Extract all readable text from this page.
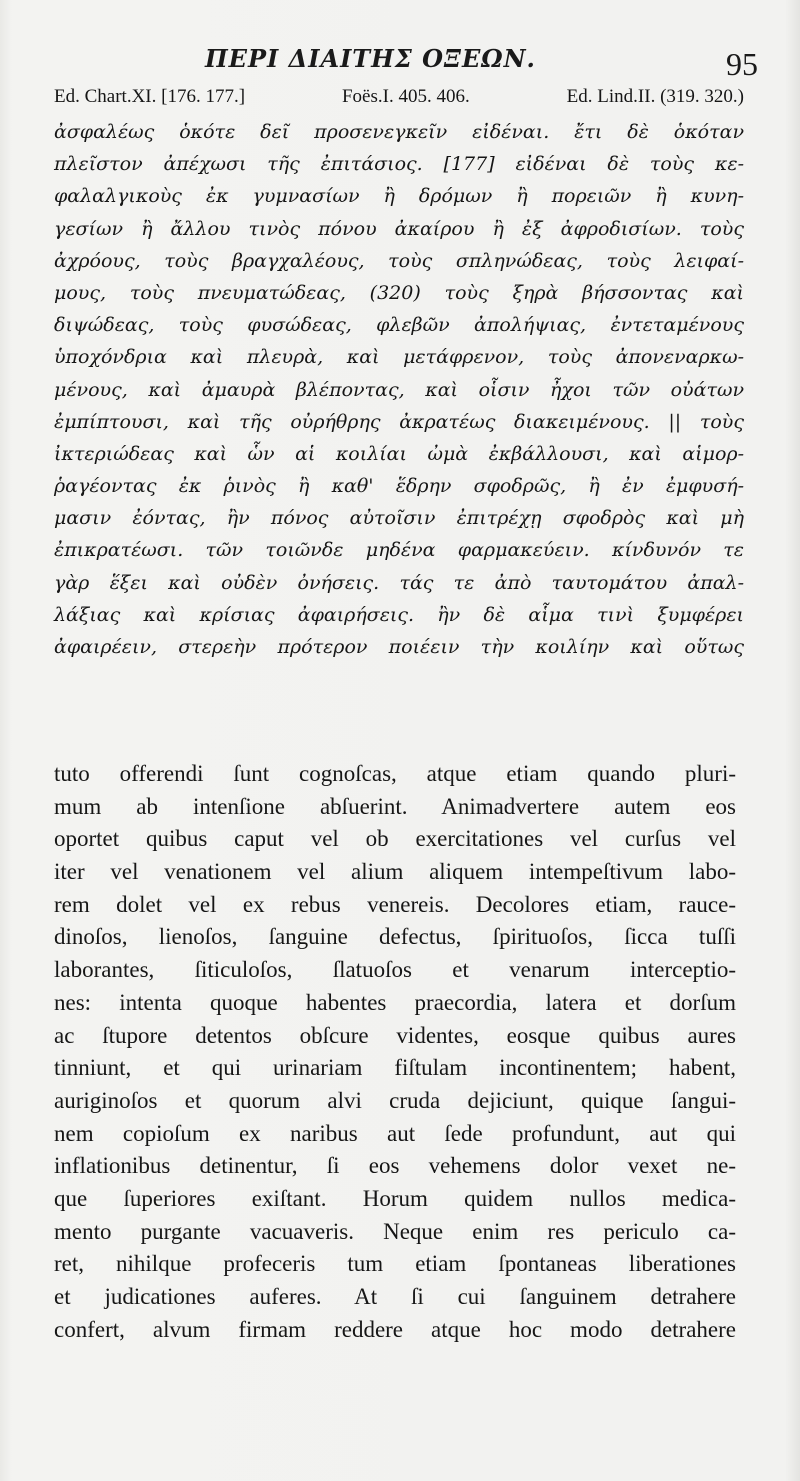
ΠΕΡΙ ΔΙΑΙΤΗΣ ΟΞΕΩΝ.	95
Ed. Chart.XI. [176. 177.]	Foës.I. 405. 406.	Ed. Lind.II. (319. 320.)
ἀσφαλέως ὁκότε δεῖ προσενεγκεῖν εἰδέναι. ἔτι δὲ ὁκόταν
πλεῖστον ἀπέχωσι τῆς ἐπιτάσιος. [177] εἰδέναι δὲ τοὺς κε-
φαλαλγικοὺς ἐκ γυμνασίων ἢ δρόμων ἢ πορειῶν ἢ κυνη-
γεσίων ἢ ἄλλου τινὸς πόνου ἀκαίρου ἢ ἐξ ἀφροδισίων. τοὺς
ἀχρόους, τοὺς βραγχαλέους, τοὺς σπληνώδεας, τοὺς λειφαί-
μους, τοὺς πνευματώδεας, (320) τοὺς ξηρὰ βήσσοντας καὶ
διψώδεας, τοὺς φυσώδεας, φλεβῶν ἀπολήψιας, ἐντεταμένους
ὑποχόνδρια καὶ πλευρὰ, καὶ μετάφρενον, τοὺς ἀπονεναρκω-
μένους, καὶ ἀμαυρὰ βλέποντας, καὶ οἷσιν ἦχοι τῶν οὐάτων
ἐμπίπτουσι, καὶ τῆς οὐρήθρης ἀκρατέως διακειμένους. || τοὺς
ἰκτεριώδεας καὶ ὧν αἱ κοιλίαι ὠμὰ ἐκβάλλουσι, καὶ αἱμορ-
ῥαγέοντας ἐκ ῥινὸς ἢ καθ' ἕδρην σφοδρῶς, ἢ ἐν ἐμφυσή-
μασιν ἐόντας, ἢν πόνος αὐτοῖσιν ἐπιτρέχῃ σφοδρὸς καὶ μὴ
ἐπικρατέωσι. τῶν τοιῶνδε μηδένα φαρμακεύειν. κίνδυνόν τε
γὰρ ἕξει καὶ οὐδὲν ὀνήσεις. τάς τε ἀπὸ ταυτομάτου ἀπαλ-
λάξιας καὶ κρίσιας ἀφαιρήσεις. ἢν δὲ αἷμα τινὶ ξυμφέρει
ἀφαιρέειν, στερεὴν πρότερον ποιέειν τὴν κοιλίην καὶ οὕτως
tuto offerendi ſunt cognoſcas, atque etiam quando pluri-
mum ab intenſione abſuerint. Animadvertere autem eos
oportet quibus caput vel ob exercitationes vel curſus vel
iter vel venationem vel alium aliquem intempeſtivum labo-
rem dolet vel ex rebus venereis. Decolores etiam, rauce-
dinoſos, lienoſos, ſanguine defectus, ſpirituoſos, ſicca tuſſi
laborantes, ſiticuloſos, ſlatuoſos et venarum interceptio-
nes: intenta quoque habentes praecordia, latera et dorſum
ac ſtupore detentos obſcure videntes, eosque quibus aures
tinniunt, et qui urinariam fiſtulam incontinentem; habent,
auriginoſos et quorum alvi cruda dejiciunt, quique ſangui-
nem copioſum ex naribus aut ſede profundunt, aut qui
inflationibus detinentur, ſi eos vehemens dolor vexet ne-
que ſuperiores exiſtant. Horum quidem nullos medica-
mento purgante vacuaveris. Neque enim res periculo ca-
ret, nihilque profeceris tum etiam ſpontaneas liberationes
et judicationes auferes. At ſi cui ſanguinem detrahere
confert, alvum firmam reddere atque hoc modo detrahere
